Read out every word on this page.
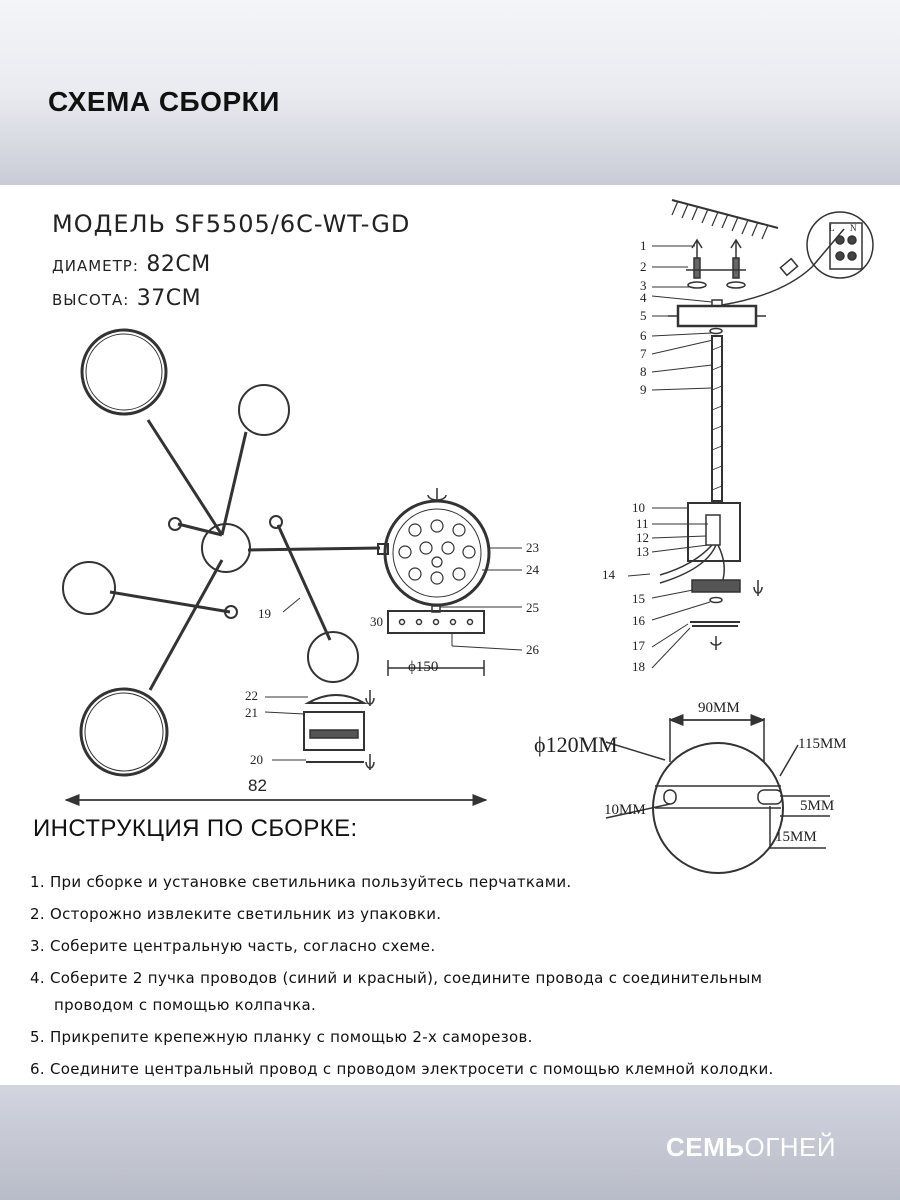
СХЕМА СБОРКИ
МОДЕЛЬ SF5505/6C-WT-GD
ДИАМЕТР: 82СМ
ВЫСОТА: 37СМ
82
ϕ150
19
20
21
22
23
24
25
26
30
1
2
3
4
5
6
7
8
9
10
11
12
13
14
15
16
17
18
L N
ϕ120MM
90MM
115MM
10MM	5MM
15MM
ИНСТРУКЦИЯ ПО СБОРКЕ:
1. При сборке и установке светильника пользуйтесь перчатками.
2. Осторожно извлеките светильник из упаковки.
3. Соберите центральную часть, согласно схеме.
4. Соберите 2 пучка проводов (синий и красный), соедините провода с соединительным
проводом с помощью колпачка.
5. Прикрепите крепежную планку с помощью 2-х саморезов.
6. Соедините центральный провод с проводом электросети с помощью клемной колодки.
СЕМЬОГНЕЙ
